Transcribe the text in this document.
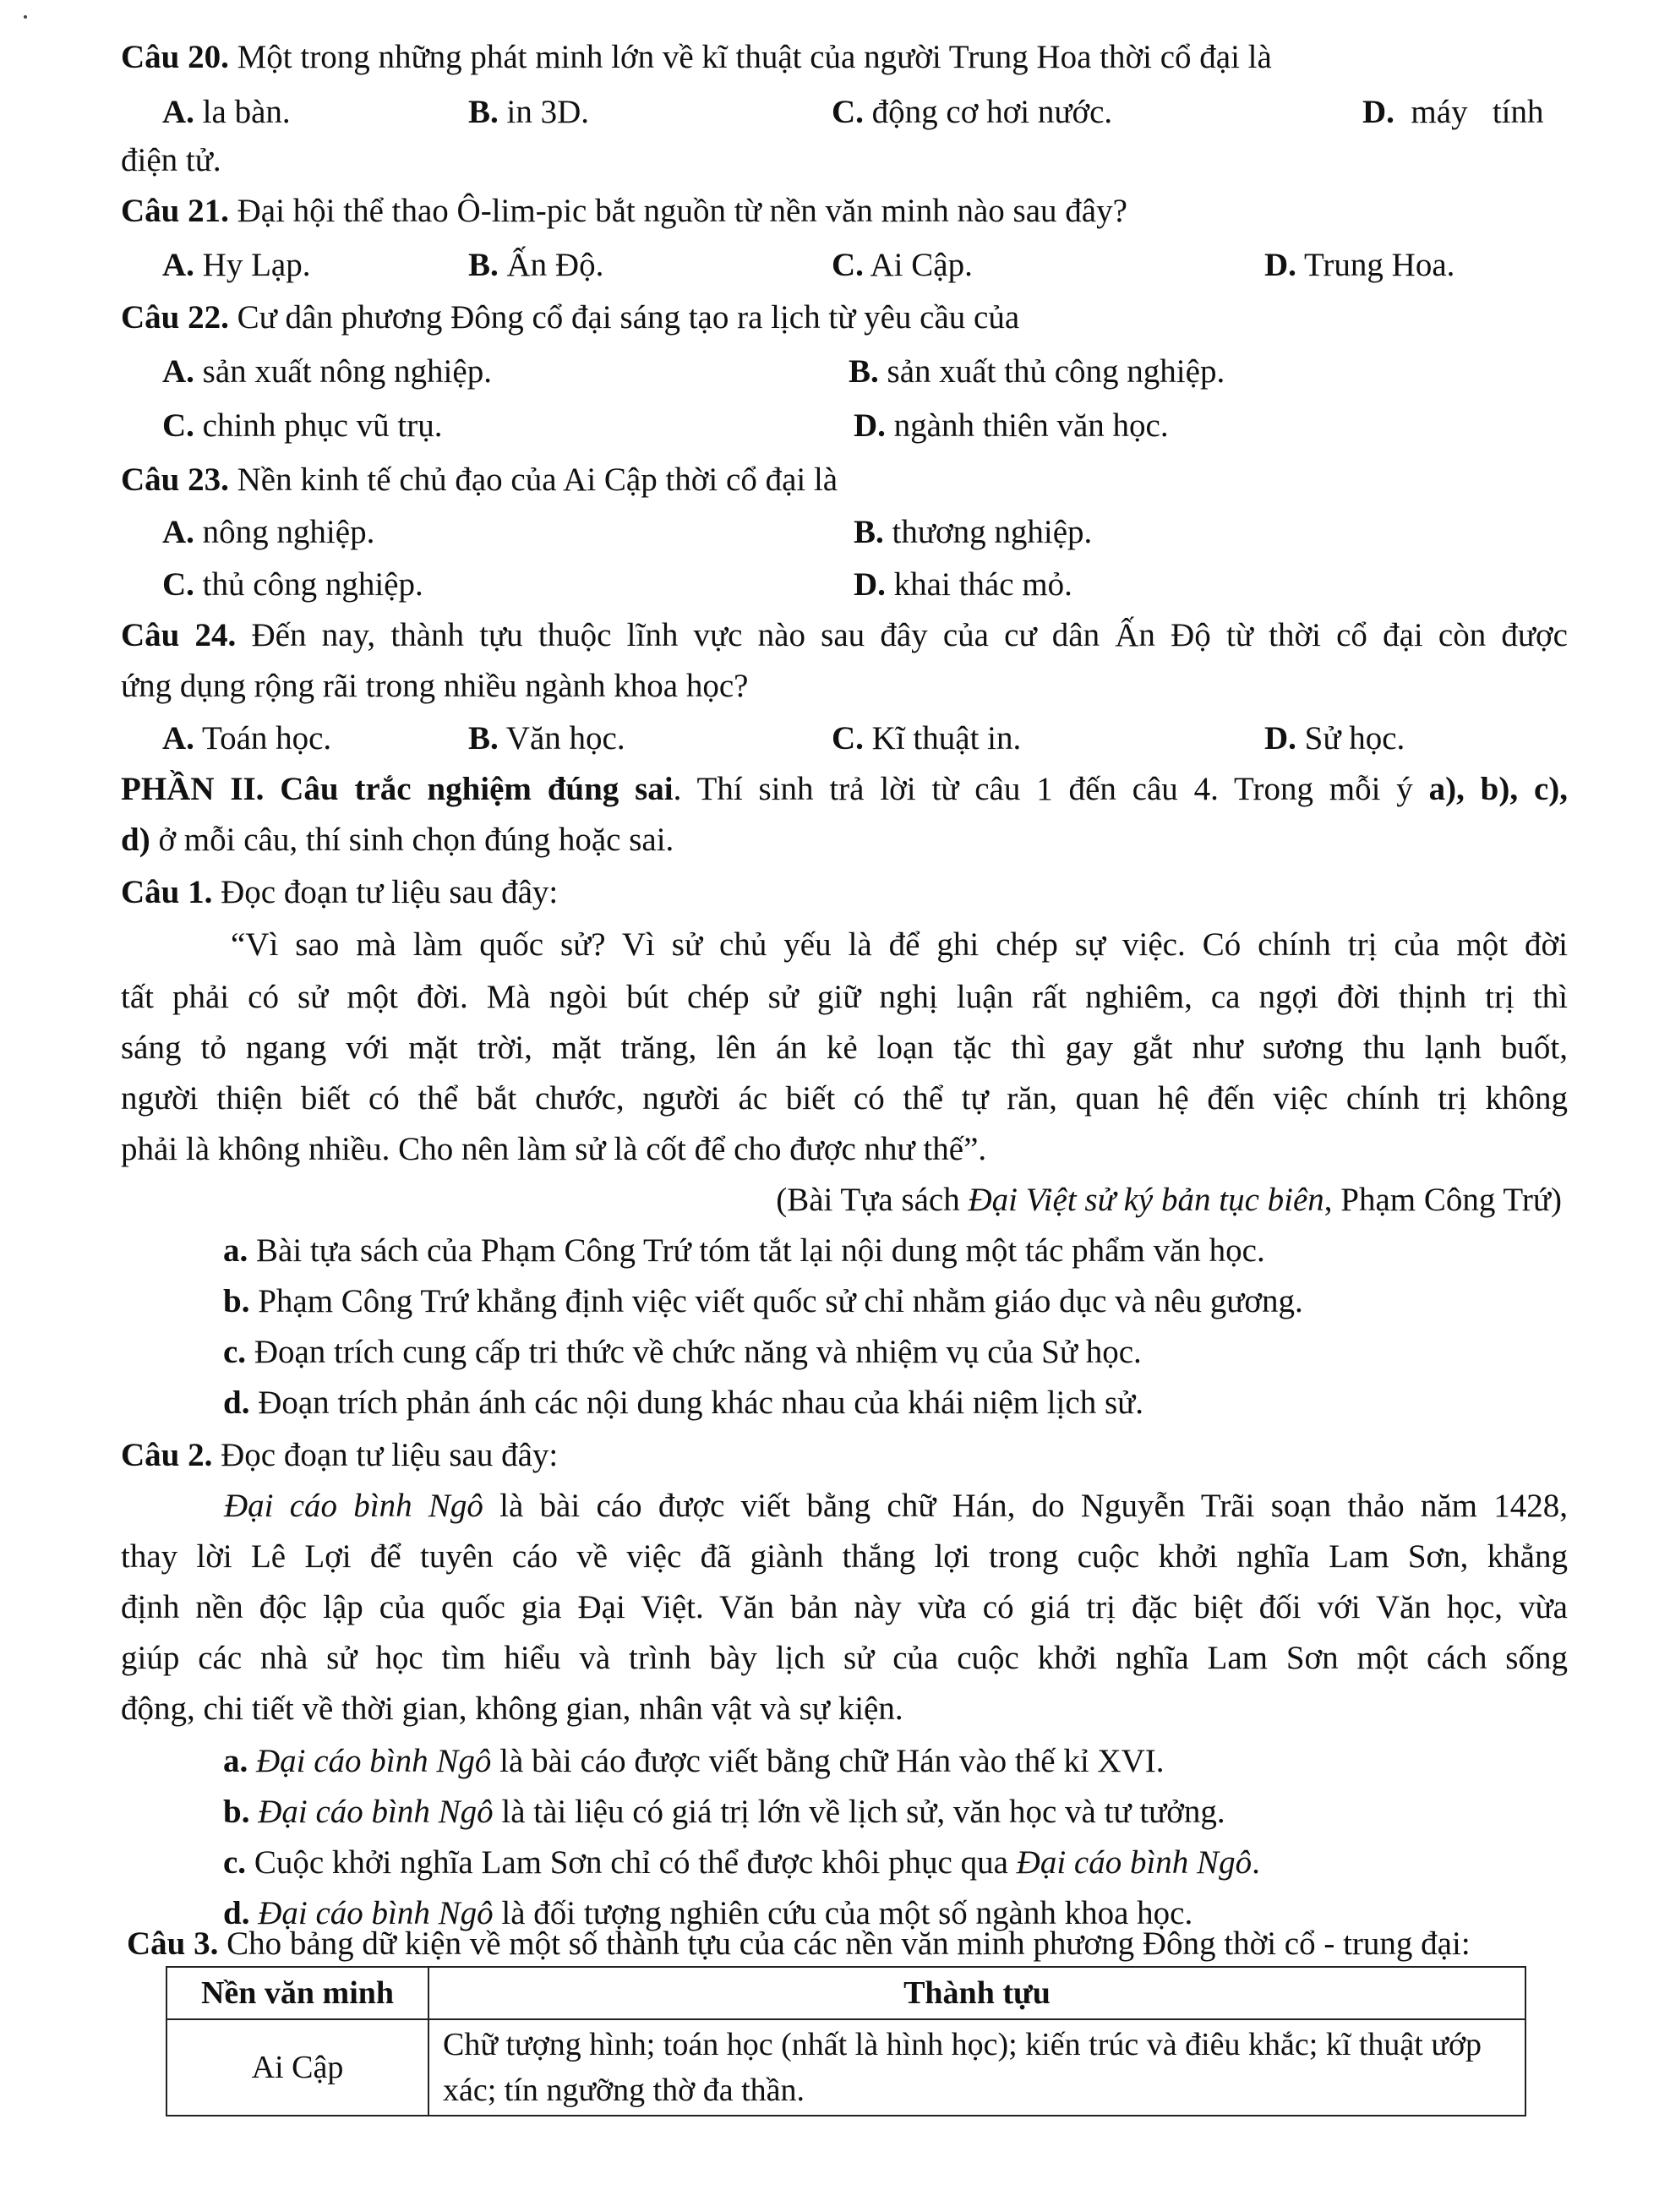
Câu 20. Một trong những phát minh lớn về kĩ thuật của người Trung Hoa thời cổ đại là
A. la bàn.	B. in 3D.	C. động cơ hơi nước.	D.  máy   tính
điện tử.
Câu 21. Đại hội thể thao Ô-lim-pic bắt nguồn từ nền văn minh nào sau đây?
A. Hy Lạp.	B. Ấn Độ.	C. Ai Cập.	D. Trung Hoa.
Câu 22. Cư dân phương Đông cổ đại sáng tạo ra lịch từ yêu cầu của
A. sản xuất nông nghiệp.	B. sản xuất thủ công nghiệp.
C. chinh phục vũ trụ.	D. ngành thiên văn học.
Câu 23. Nền kinh tế chủ đạo của Ai Cập thời cổ đại là
A. nông nghiệp.	B. thương nghiệp.
C. thủ công nghiệp.	D. khai thác mỏ.
Câu 24. Đến nay, thành tựu thuộc lĩnh vực nào sau đây của cư dân Ấn Độ từ thời cổ đại còn được
ứng dụng rộng rãi trong nhiều ngành khoa học?
A. Toán học.	B. Văn học.	C. Kĩ thuật in.	D. Sử học.
PHẦN II. Câu trắc nghiệm đúng sai. Thí sinh trả lời từ câu 1 đến câu 4. Trong mỗi ý a), b), c),
d) ở mỗi câu, thí sinh chọn đúng hoặc sai.
Câu 1. Đọc đoạn tư liệu sau đây:
“Vì sao mà làm quốc sử? Vì sử chủ yếu là để ghi chép sự việc. Có chính trị của một đời
tất phải có sử một đời. Mà ngòi bút chép sử giữ nghị luận rất nghiêm, ca ngợi đời thịnh trị thì
sáng tỏ ngang với mặt trời, mặt trăng, lên án kẻ loạn tặc thì gay gắt như sương thu lạnh buốt,
người thiện biết có thể bắt chước, người ác biết có thể tự răn, quan hệ đến việc chính trị không
phải là không nhiều. Cho nên làm sử là cốt để cho được như thế”.
(Bài Tựa sách Đại Việt sử ký bản tục biên, Phạm Công Trứ)
a. Bài tựa sách của Phạm Công Trứ tóm tắt lại nội dung một tác phẩm văn học.
b. Phạm Công Trứ khẳng định việc viết quốc sử chỉ nhằm giáo dục và nêu gương.
c. Đoạn trích cung cấp tri thức về chức năng và nhiệm vụ của Sử học.
d. Đoạn trích phản ánh các nội dung khác nhau của khái niệm lịch sử.
Câu 2. Đọc đoạn tư liệu sau đây:
Đại cáo bình Ngô là bài cáo được viết bằng chữ Hán, do Nguyễn Trãi soạn thảo năm 1428,
thay lời Lê Lợi để tuyên cáo về việc đã giành thắng lợi trong cuộc khởi nghĩa Lam Sơn, khẳng
định nền độc lập của quốc gia Đại Việt. Văn bản này vừa có giá trị đặc biệt đối với Văn học, vừa
giúp các nhà sử học tìm hiểu và trình bày lịch sử của cuộc khởi nghĩa Lam Sơn một cách sống
động, chi tiết về thời gian, không gian, nhân vật và sự kiện.
a. Đại cáo bình Ngô là bài cáo được viết bằng chữ Hán vào thế kỉ XVI.
b. Đại cáo bình Ngô là tài liệu có giá trị lớn về lịch sử, văn học và tư tưởng.
c. Cuộc khởi nghĩa Lam Sơn chỉ có thể được khôi phục qua Đại cáo bình Ngô.
d. Đại cáo bình Ngô là đối tượng nghiên cứu của một số ngành khoa học.
Câu 3. Cho bảng dữ kiện về một số thành tựu của các nền văn minh phương Đông thời cổ - trung đại:
Nền văn minh	Thành tựu
Ai Cập	Chữ tượng hình; toán học (nhất là hình học); kiến trúc và điêu khắc; kĩ thuật ướp xác; tín ngưỡng thờ đa thần.
